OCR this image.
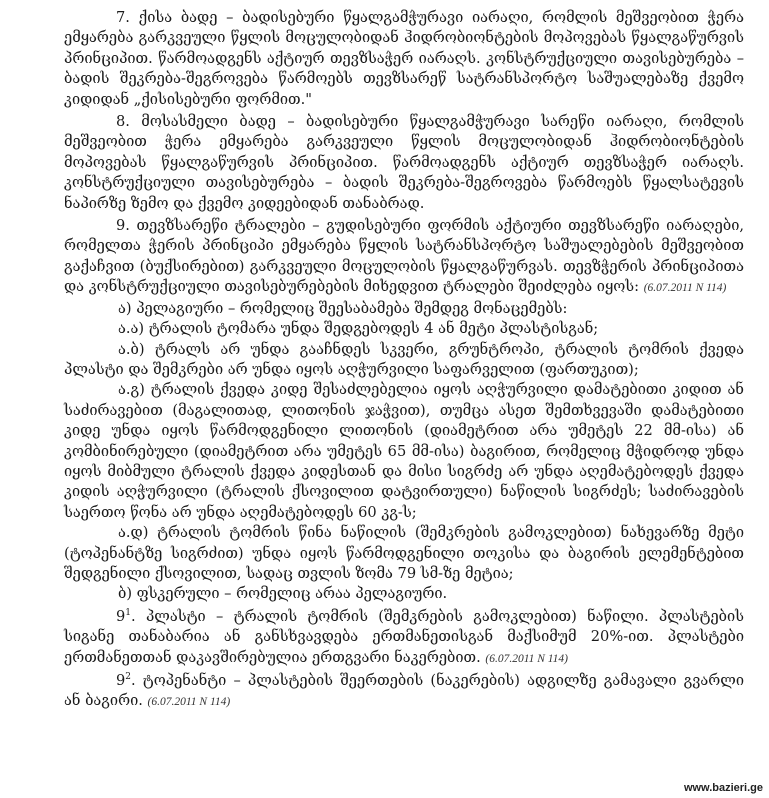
7. ქისა ბადე – ბადისებური წყალგამჭურავი იარაღი, რომლის მეშვეობით ჭერა ემყარება გარკვეული წყლის მოცულობიდან ჰიდრობიონტების მოპოვებას წყალგაწურვის პრინციპით. წარმოადგენს აქტიურ თევზსაჭერ იარაღს. კონსტრუქციული თავისებურება – ბადის შეკრება-შეგროვება წარმოებს თევზსარეწ სატრანსპორტო საშუალებაზე ქვემო კიდიდან „ქისისებური ფორმით."

8. მოსასმელი ბადე – ბადისებური წყალგამჭურავი სარეწი იარაღი, რომლის მეშვეობით ჭერა ემყარება გარკვეული წყლის მოცულობიდან ჰიდრობიონტების მოპოვებას წყალგაწურვის პრინციპით. წარმოადგენს აქტიურ თევზსაჭერ იარაღს. კონსტრუქციული თავისებურება – ბადის შეკრება-შეგროვება წარმოებს წყალსატევის ნაპირზე ზემო და ქვემო კიდეებიდან თანაბრად.

9. თევზსარეწი ტრალები – გუდისებური ფორმის აქტიური თევზსარეწი იარაღები, რომელთა ჭერის პრინციპი ემყარება წყლის სატრანსპორტო საშუალებების მეშვეობით გაქაჩვით (ბუქსირებით) გარკვეული მოცულობის წყალგაწურვას. თევზჭერის პრინციპითა და კონსტრუქციული თავისებურებების მიხედვით ტრალები შეიძლება იყოს: (6.07.2011 N 114)

ა) პელაგიური – რომელიც შეესაბამება შემდეგ მონაცემებს:

ა.ა) ტრალის ტომარა უნდა შედგებოდეს 4 ან მეტი პლასტისგან;

ა.ბ) ტრალს არ უნდა გააჩნდეს სკვერი, გრუნტროპი, ტრალის ტომრის ქვედა პლასტი და შემკრები არ უნდა იყოს აღჭურვილი საფარველით (ფართუკით);

ა.გ) ტრალის ქვედა კიდე შესაძლებელია იყოს აღჭურვილი დამატებითი კიდით ან საძირავებით (მაგალითად, ლითონის ჯაჭვით), თუმცა ასეთ შემთხვევაში დამატებითი კიდე უნდა იყოს წარმოდგენილი ლითონის (დიამეტრით არა უმეტეს 22 მმ-ისა) ან კომბინირებული (დიამეტრით არა უმეტეს 65 მმ-ისა) ბაგირით, რომელიც მჭიდროდ უნდა იყოს მიბმული ტრალის ქვედა კიდესთან და მისი სიგრძე არ უნდა აღემატებოდეს ქვედა კიდის აღჭურვილი (ტრალის ქსოვილით დატვირთული) ნაწილის სიგრძეს; საძირავების საერთო წონა არ უნდა აღემატებოდეს 60 კგ-ს;

ა.დ) ტრალის ტომრის წინა ნაწილის (შემკრების გამოკლებით) ნახევარზე მეტი (ტოპენანტზე სიგრძით) უნდა იყოს წარმოდგენილი თოკისა და ბაგირის ელემენტებით შედგენილი ქსოვილით, სადაც თვლის ზომა 79 სმ-ზე მეტია;

ბ) ფსკერული – რომელიც არაა პელაგიური.

$9^1$. პლასტი – ტრალის ტომრის (შემკრების გამოკლებით) ნაწილი. პლასტების სიგანე თანაბარია ან განსხვავდება ერთმანეთისგან მაქსიმუმ 20%-ით. პლასტები ერთმანეთთან დაკავშირებულია ერთგვარი ნაკერებით. (6.07.2011 N 114)

$9^2$. ტოპენანტი – პლასტების შეერთების (ნაკერების) ადგილზე გამავალი გვარლი ან ბაგირი. (6.07.2011 N 114)

www.bazieri.ge
